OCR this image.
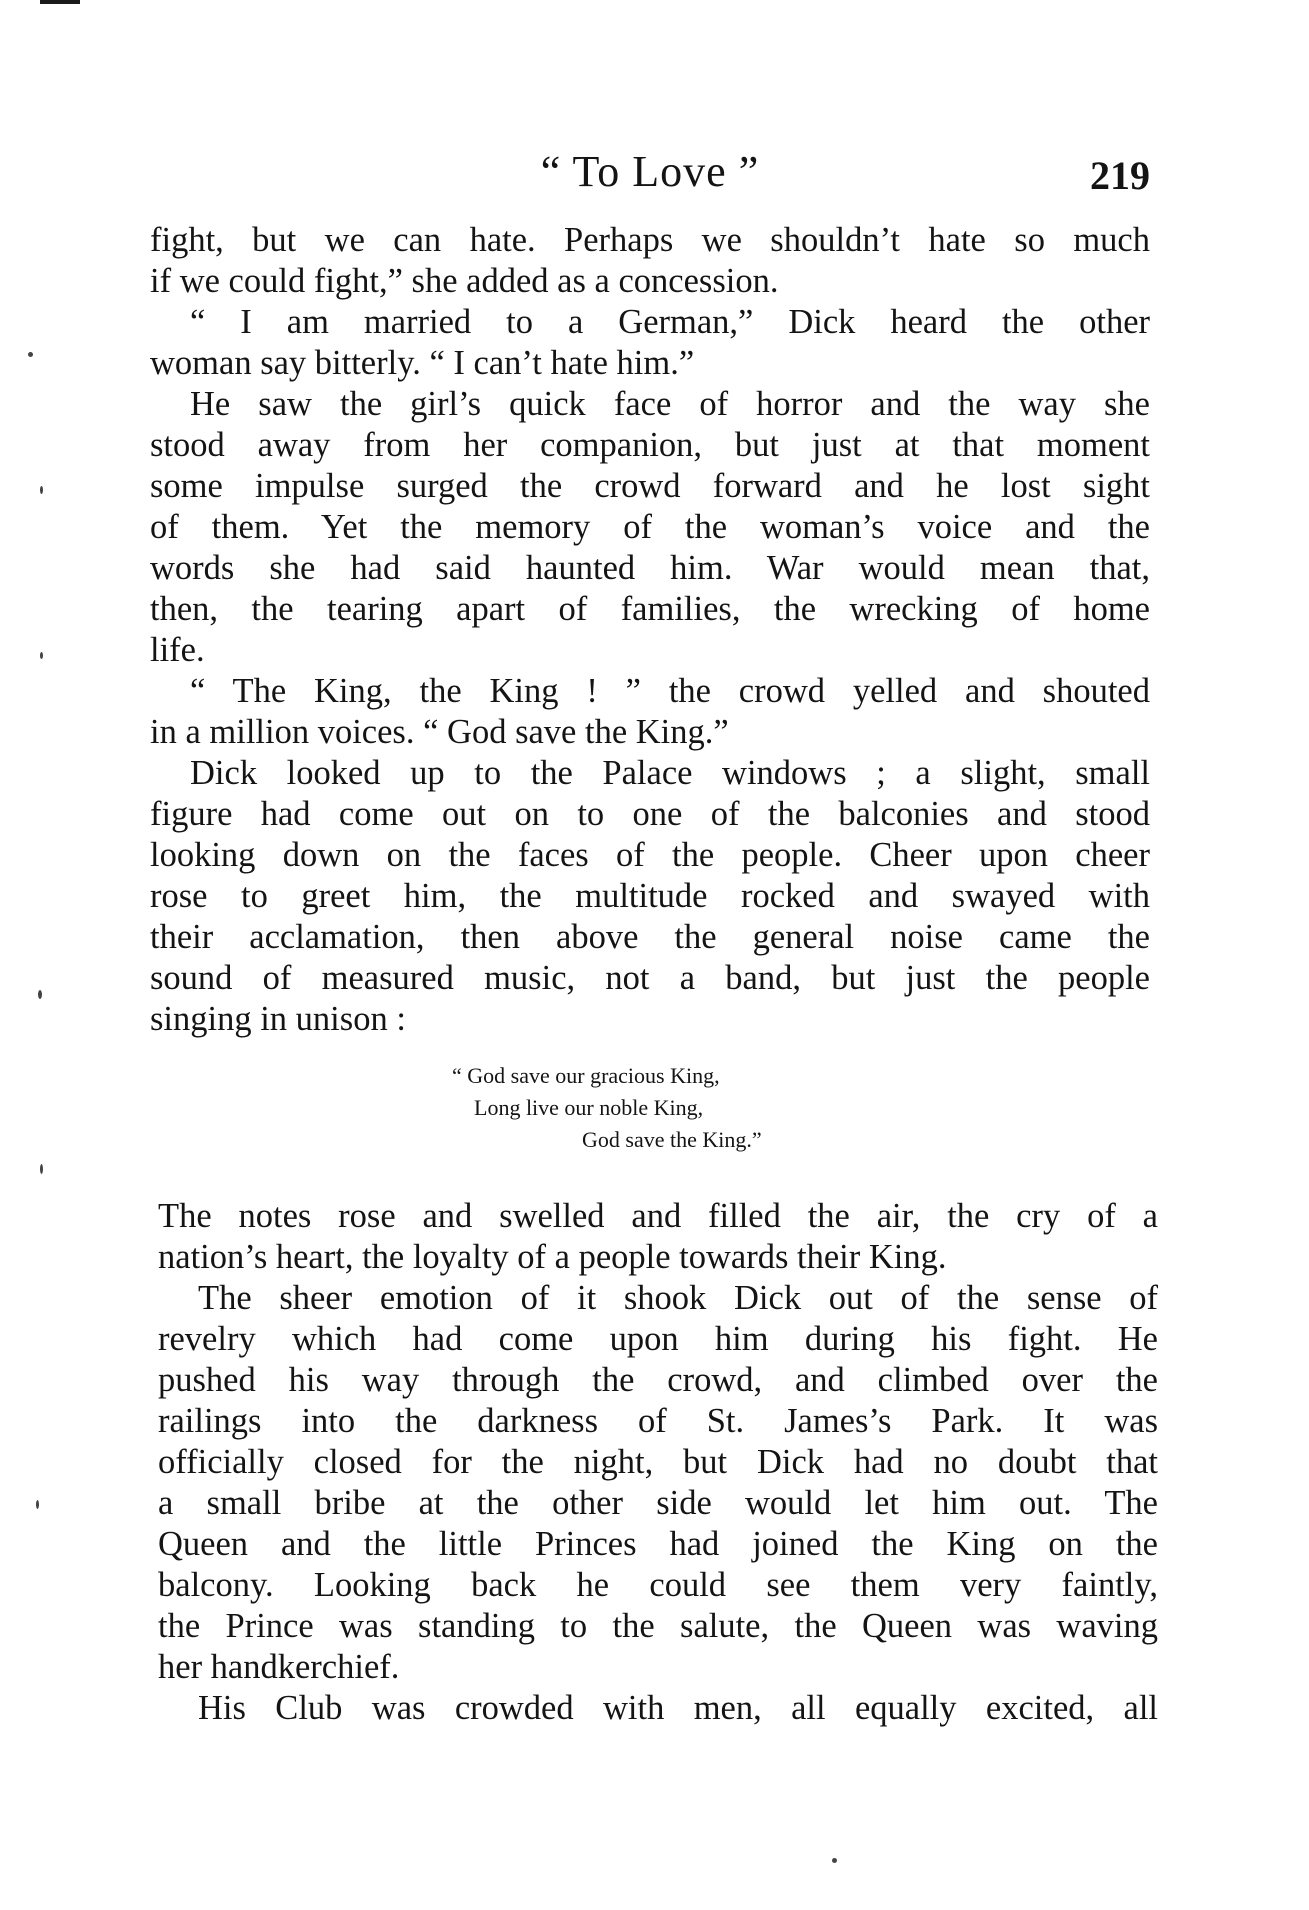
“ To Love ”	219
fight, but we can hate. Perhaps we shouldn’t hate so much
if we could fight,” she added as a concession.
“ I am married to a German,” Dick heard the other
woman say bitterly. “ I can’t hate him.”
He saw the girl’s quick face of horror and the way she
stood away from her companion, but just at that moment
some impulse surged the crowd forward and he lost sight
of them. Yet the memory of the woman’s voice and the
words she had said haunted him. War would mean that,
then, the tearing apart of families, the wrecking of home
life.
“ The King, the King ! ” the crowd yelled and shouted
in a million voices. “ God save the King.”
Dick looked up to the Palace windows ; a slight, small
figure had come out on to one of the balconies and stood
looking down on the faces of the people. Cheer upon cheer
rose to greet him, the multitude rocked and swayed with
their acclamation, then above the general noise came the
sound of measured music, not a band, but just the people
singing in unison :
“ God save our gracious King,
Long live our noble King,
God save the King.”
The notes rose and swelled and filled the air, the cry of a
nation’s heart, the loyalty of a people towards their King.
The sheer emotion of it shook Dick out of the sense of
revelry which had come upon him during his fight. He
pushed his way through the crowd, and climbed over the
railings into the darkness of St. James’s Park. It was
officially closed for the night, but Dick had no doubt that
a small bribe at the other side would let him out. The
Queen and the little Princes had joined the King on the
balcony. Looking back he could see them very faintly,
the Prince was standing to the salute, the Queen was waving
her handkerchief.
His Club was crowded with men, all equally excited, all
